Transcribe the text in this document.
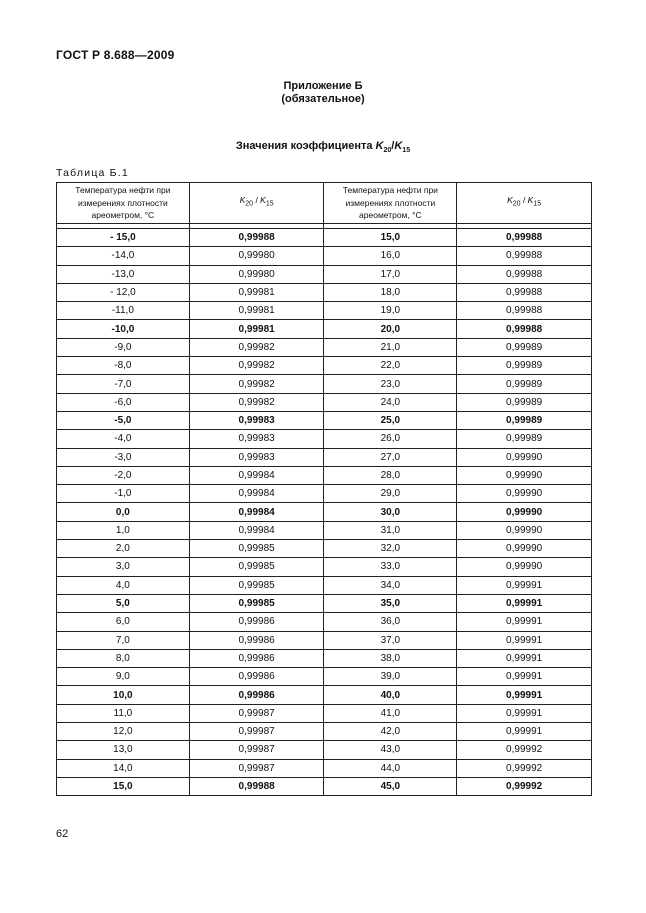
ГОСТ Р 8.688—2009
Приложение Б
(обязательное)
Значения коэффициента $K_{20}/K_{15}$
Таблица Б.1
Температура нефти при измерениях плотности ареометром, °С	$K_{20} / K_{15}$	Температура нефти при измерениях плотности ареометром, °С	$K_{20} / K_{15}$

- 15,0	0,99988	15,0	0,99988
-14,0	0,99980	16,0	0,99988
-13,0	0,99980	17,0	0,99988
- 12,0	0,99981	18,0	0,99988
-11,0	0,99981	19,0	0,99988
-10,0	0,99981	20,0	0,99988
-9,0	0,99982	21,0	0,99989
-8,0	0,99982	22,0	0,99989
-7,0	0,99982	23,0	0,99989
-6,0	0,99982	24,0	0,99989
-5,0	0,99983	25,0	0,99989
-4,0	0,99983	26,0	0,99989
-3,0	0,99983	27,0	0,99990
-2,0	0,99984	28,0	0,99990
-1,0	0,99984	29,0	0,99990
0,0	0,99984	30,0	0,99990
1,0	0,99984	31,0	0,99990
2,0	0,99985	32,0	0,99990
3,0	0,99985	33,0	0,99990
4,0	0,99985	34,0	0,99991
5,0	0,99985	35,0	0,99991
6,0	0,99986	36,0	0,99991
7,0	0,99986	37,0	0,99991
8,0	0,99986	38,0	0,99991
9,0	0,99986	39,0	0,99991
10,0	0,99986	40,0	0,99991
11,0	0,99987	41,0	0,99991
12,0	0,99987	42,0	0,99991
13,0	0,99987	43,0	0,99992
14,0	0,99987	44,0	0,99992
15,0	0,99988	45,0	0,99992
62
